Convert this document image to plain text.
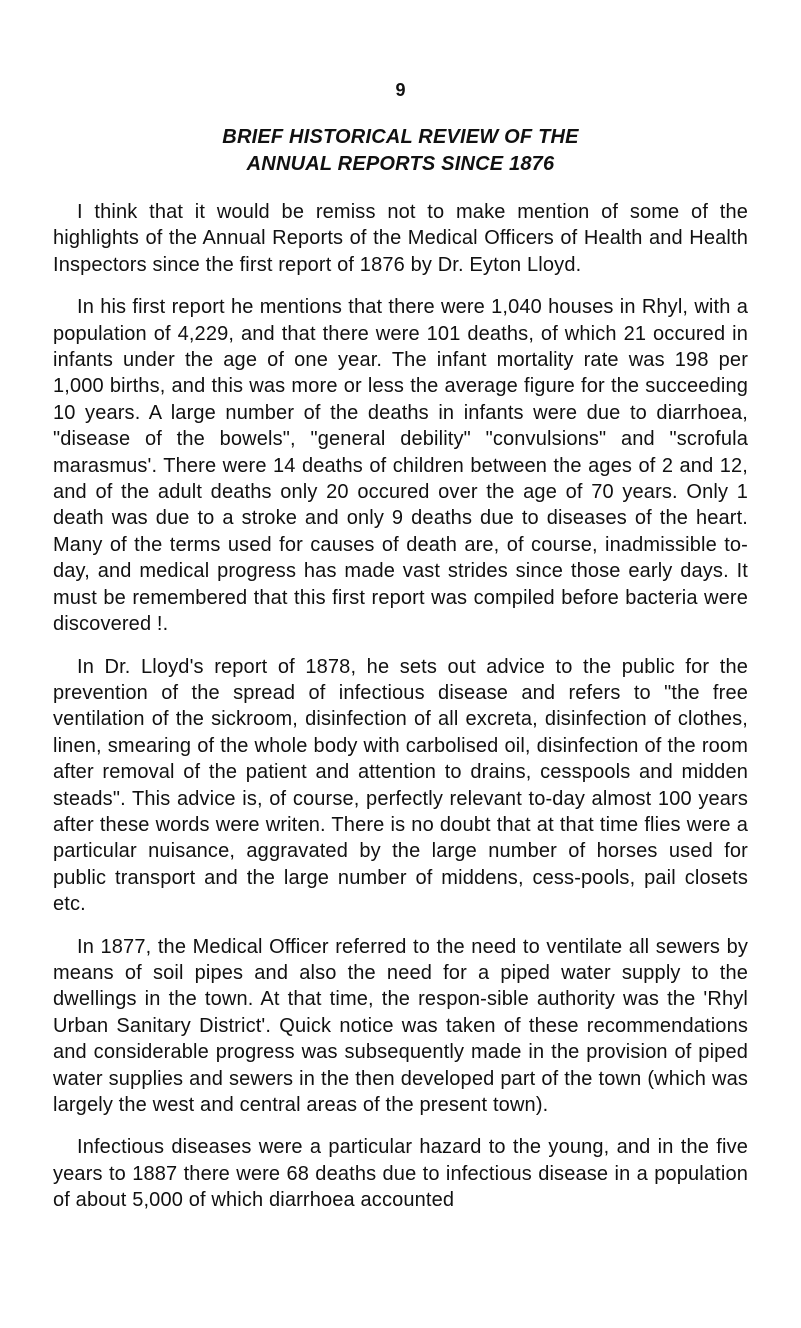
9
BRIEF HISTORICAL REVIEW OF THE
ANNUAL REPORTS SINCE 1876

I think that it would be remiss not to make mention of some of the highlights of the Annual Reports of the Medical Officers of Health and Health Inspectors since the first report of 1876 by Dr. Eyton Lloyd.

In his first report he mentions that there were 1,040 houses in Rhyl, with a population of 4,229, and that there were 101 deaths, of which 21 occured in infants under the age of one year. The infant mortality rate was 198 per 1,000 births, and this was more or less the average figure for the succeeding 10 years. A large number of the deaths in infants were due to diarrhoea, "disease of the bowels", "general debility" "convulsions" and "scrofula marasmus'. There were 14 deaths of children between the ages of 2 and 12, and of the adult deaths only 20 occured over the age of 70 years. Only 1 death was due to a stroke and only 9 deaths due to diseases of the heart. Many of the terms used for causes of death are, of course, inadmissible to-day, and medical progress has made vast strides since those early days. It must be remembered that this first report was compiled before bacteria were discovered !.

In Dr. Lloyd's report of 1878, he sets out advice to the public for the prevention of the spread of infectious disease and refers to "the free ventilation of the sickroom, disinfection of all excreta, disinfection of clothes, linen, smearing of the whole body with carbolised oil, disinfection of the room after removal of the patient and attention to drains, cesspools and midden steads". This advice is, of course, perfectly relevant to-day almost 100 years after these words were writen. There is no doubt that at that time flies were a particular nuisance, aggravated by the large number of horses used for public transport and the large number of middens, cess-pools, pail closets etc.

In 1877, the Medical Officer referred to the need to ventilate all sewers by means of soil pipes and also the need for a piped water supply to the dwellings in the town. At that time, the respon-sible authority was the 'Rhyl Urban Sanitary District'. Quick notice was taken of these recommendations and considerable progress was subsequently made in the provision of piped water supplies and sewers in the then developed part of the town (which was largely the west and central areas of the present town).

Infectious diseases were a particular hazard to the young, and in the five years to 1887 there were 68 deaths due to infectious disease in a population of about 5,000 of which diarrhoea accounted
